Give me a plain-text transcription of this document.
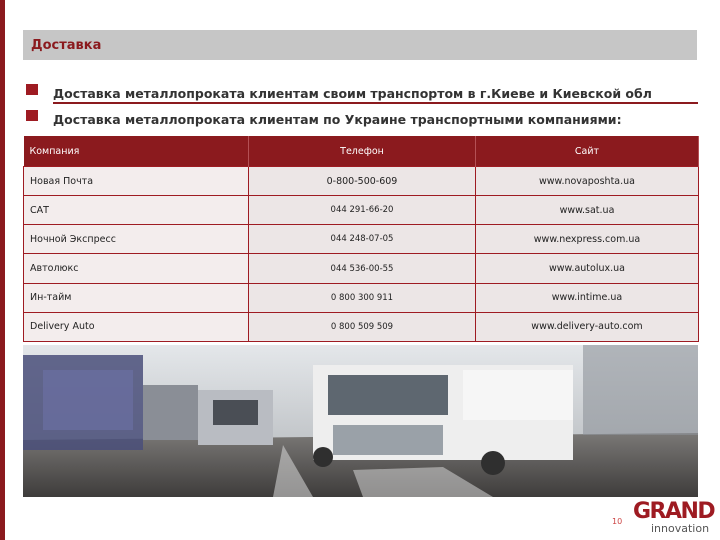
Доставка
Доставка металлопроката клиентам своим транспортом в г.Киеве и Киевской обл
Доставка металлопроката клиентам по Украине транспортными компаниями:
Компания	Телефон	Сайт
Новая Почта	0-800-500-609	www.novaposhta.ua
САТ	044 291-66-20	www.sat.ua
Ночной Экспресс	044 248-07-05	www.nexpress.com.ua
Автолюкс	044 536-00-55	www.autolux.ua
Ин-тайм	0 800 300 911	www.intime.ua
Delivery Auto	0 800 509 509	www.delivery-auto.com
10 GRAND
innovation
